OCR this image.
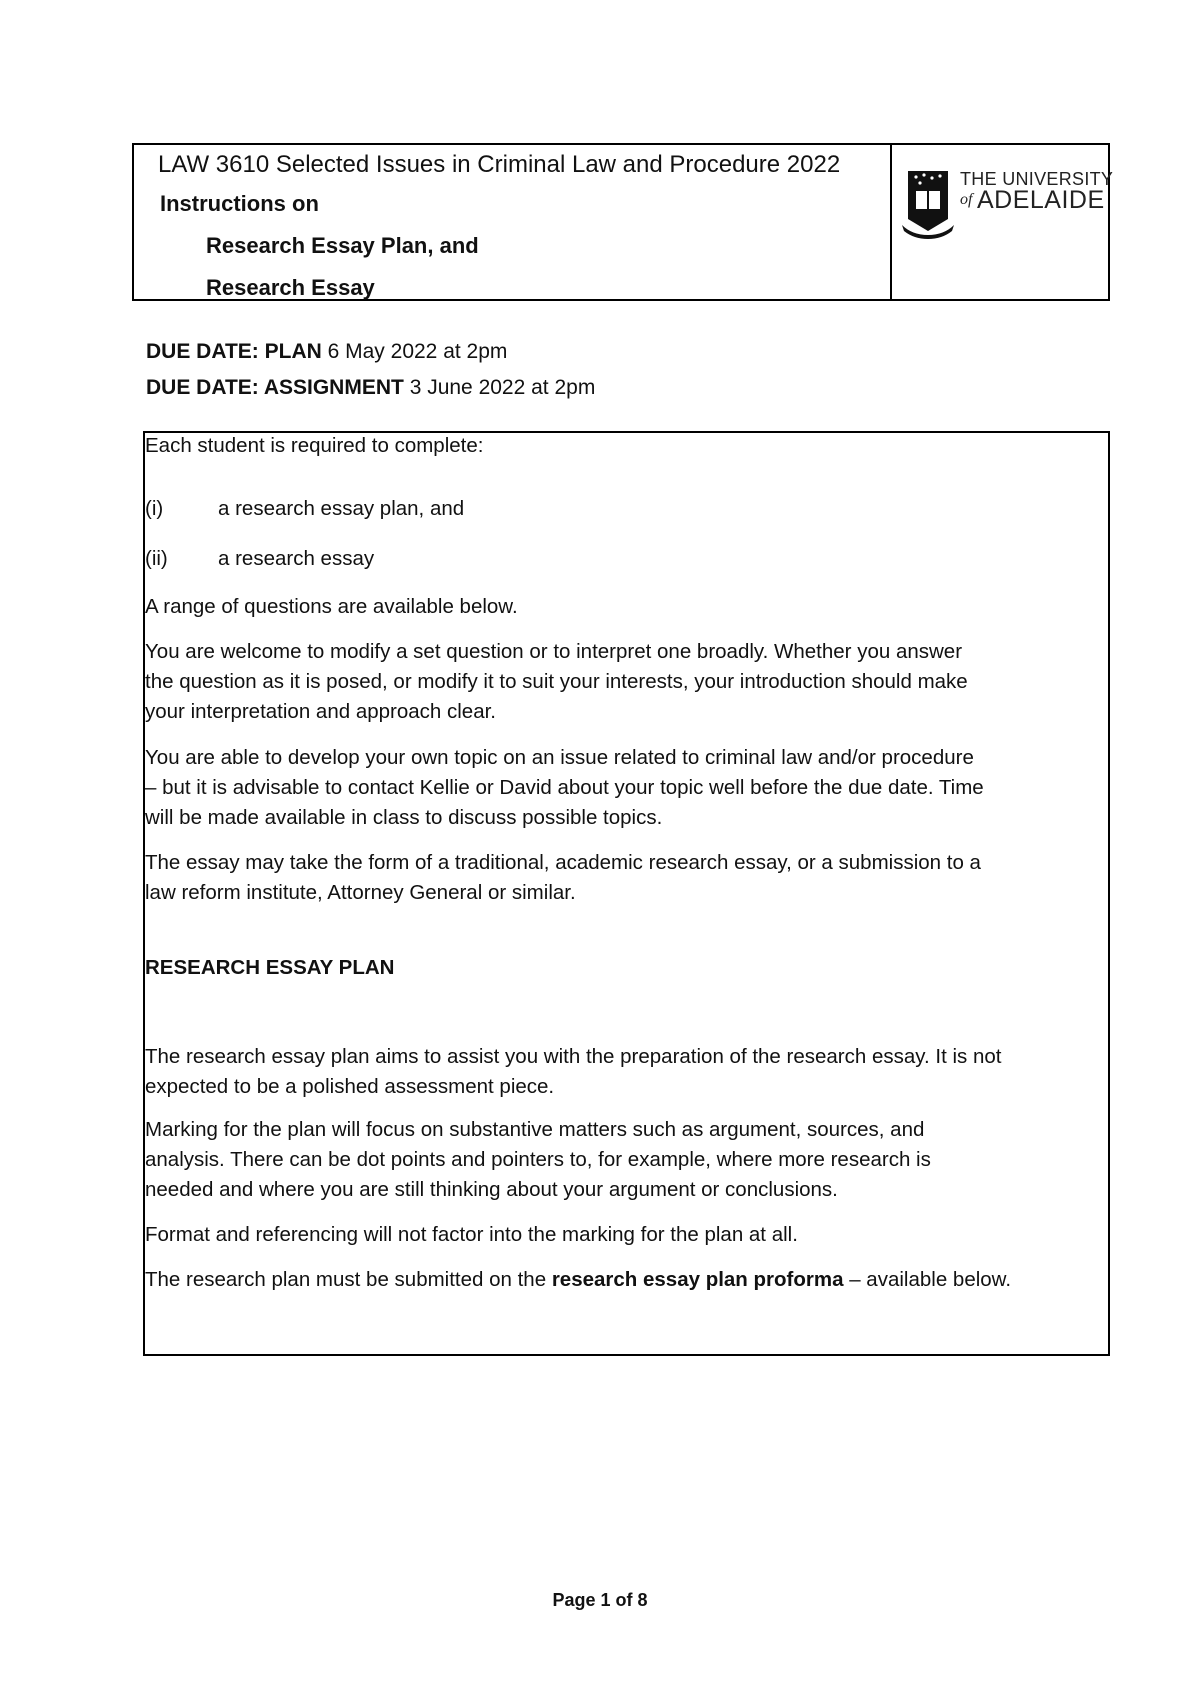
LAW 3610 Selected Issues in Criminal Law and Procedure 2022
Instructions on
Research Essay Plan, and
Research Essay
THE UNIVERSITY
of ADELAIDE
DUE DATE: PLAN 6 May 2022 at 2pm
DUE DATE: ASSIGNMENT 3 June 2022 at 2pm
Each student is required to complete:
(i)	a research essay plan, and
(ii) a research essay
A range of questions are available below.
You are welcome to modify a set question or to interpret one broadly. Whether you answer
the question as it is posed, or modify it to suit your interests, your introduction should make
your interpretation and approach clear.
You are able to develop your own topic on an issue related to criminal law and/or procedure
– but it is advisable to contact Kellie or David about your topic well before the due date. Time
will be made available in class to discuss possible topics.
The essay may take the form of a traditional, academic research essay, or a submission to a
law reform institute, Attorney General or similar.
RESEARCH ESSAY PLAN
The research essay plan aims to assist you with the preparation of the research essay. It is not
expected to be a polished assessment piece.
Marking for the plan will focus on substantive matters such as argument, sources, and
analysis. There can be dot points and pointers to, for example, where more research is
needed and where you are still thinking about your argument or conclusions.
Format and referencing will not factor into the marking for the plan at all.
The research plan must be submitted on the research essay plan proforma – available below.
Page 1 of 8
